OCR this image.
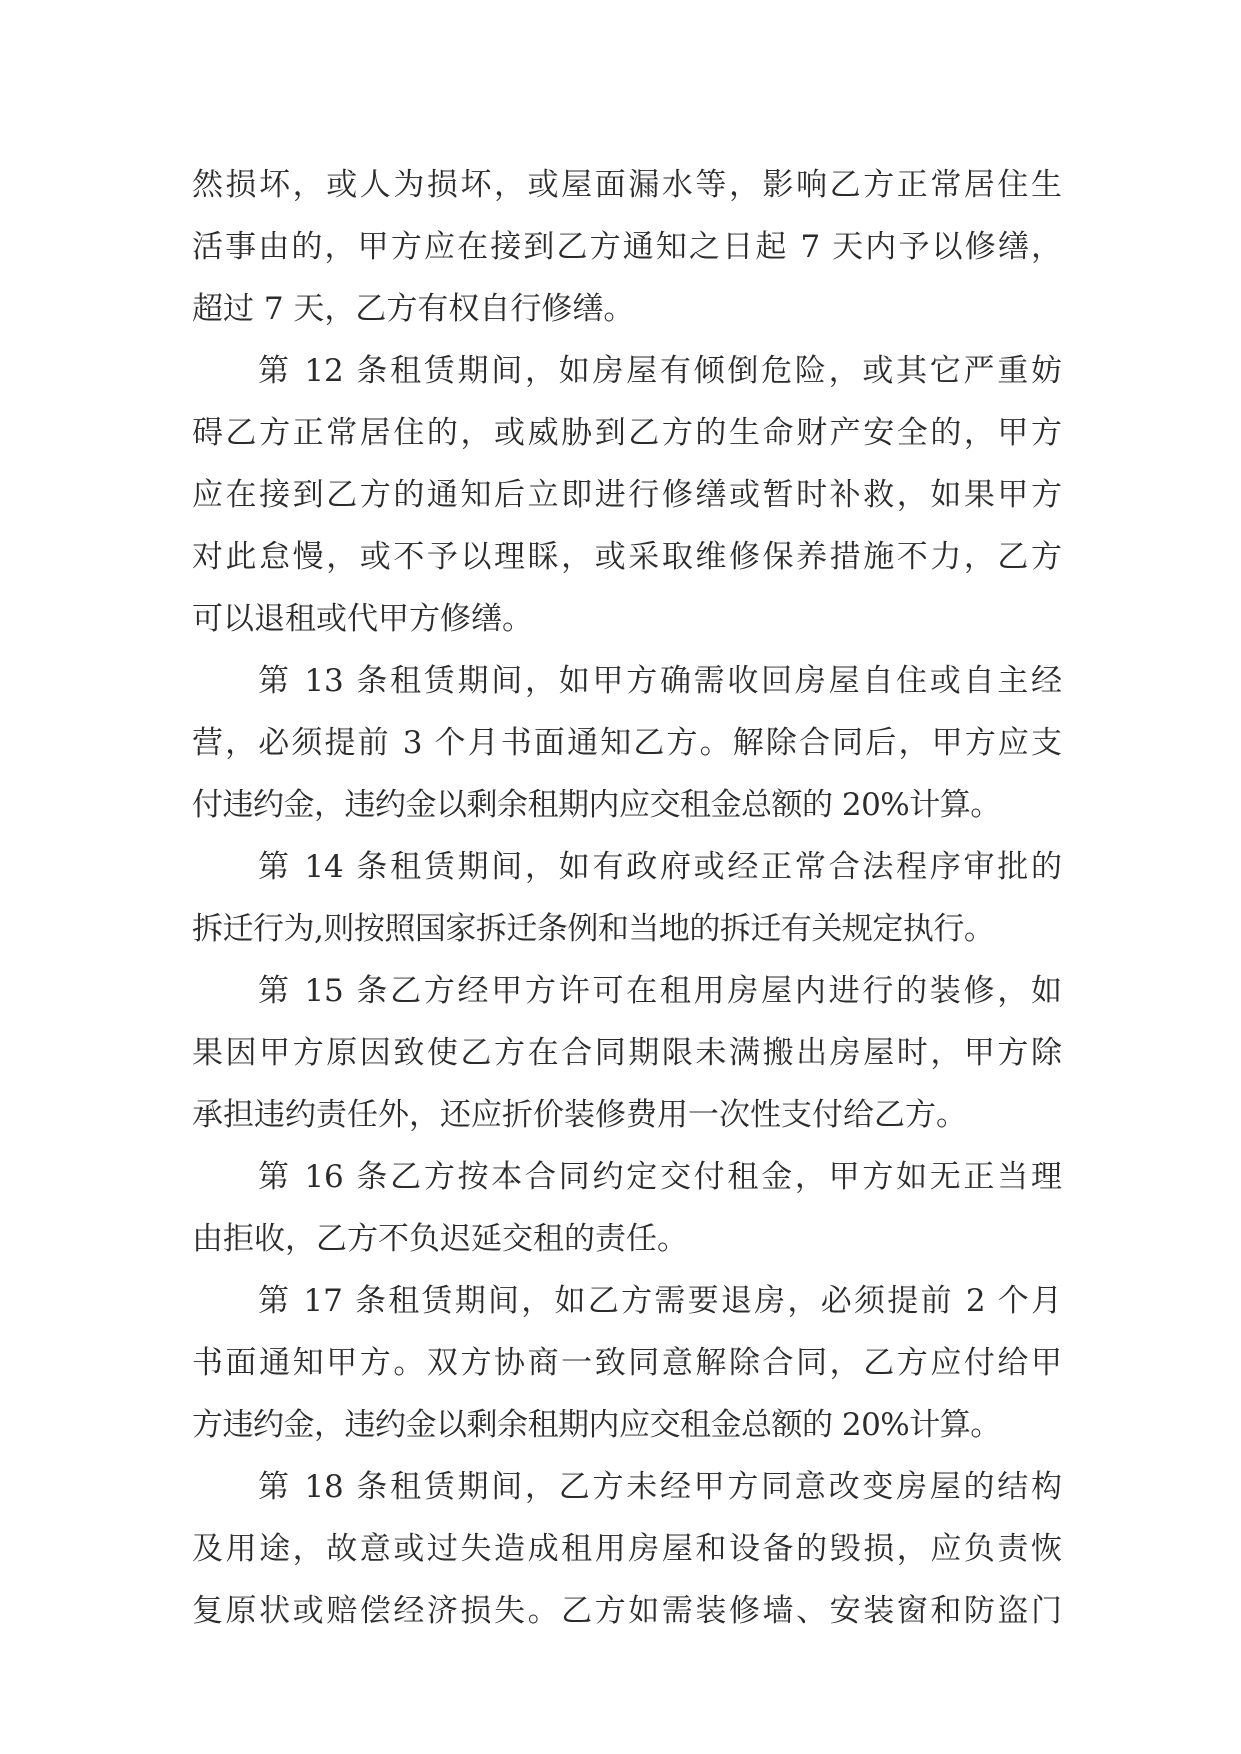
然损坏，或人为损坏，或屋面漏水等，影响乙方正常居住生
活事由的，甲方应在接到乙方通知之日起 7 天内予以修缮，
超过 7 天，乙方有权自行修缮。
第 12 条租赁期间，如房屋有倾倒危险，或其它严重妨
碍乙方正常居住的，或威胁到乙方的生命财产安全的，甲方
应在接到乙方的通知后立即进行修缮或暂时补救，如果甲方
对此怠慢，或不予以理睬，或采取维修保养措施不力，乙方
可以退租或代甲方修缮。
第 13 条租赁期间，如甲方确需收回房屋自住或自主经
营，必须提前 3 个月书面通知乙方。解除合同后，甲方应支
付违约金，违约金以剩余租期内应交租金总额的 20%计算。
第 14 条租赁期间，如有政府或经正常合法程序审批的
拆迁行为,则按照国家拆迁条例和当地的拆迁有关规定执行。
第 15 条乙方经甲方许可在租用房屋内进行的装修，如
果因甲方原因致使乙方在合同期限未满搬出房屋时，甲方除
承担违约责任外，还应折价装修费用一次性支付给乙方。
第 16 条乙方按本合同约定交付租金，甲方如无正当理
由拒收，乙方不负迟延交租的责任。
第 17 条租赁期间，如乙方需要退房，必须提前 2 个月
书面通知甲方。双方协商一致同意解除合同，乙方应付给甲
方违约金，违约金以剩余租期内应交租金总额的 20%计算。
第 18 条租赁期间，乙方未经甲方同意改变房屋的结构
及用途，故意或过失造成租用房屋和设备的毁损，应负责恢
复原状或赔偿经济损失。乙方如需装修墙、安装窗和防盗门
